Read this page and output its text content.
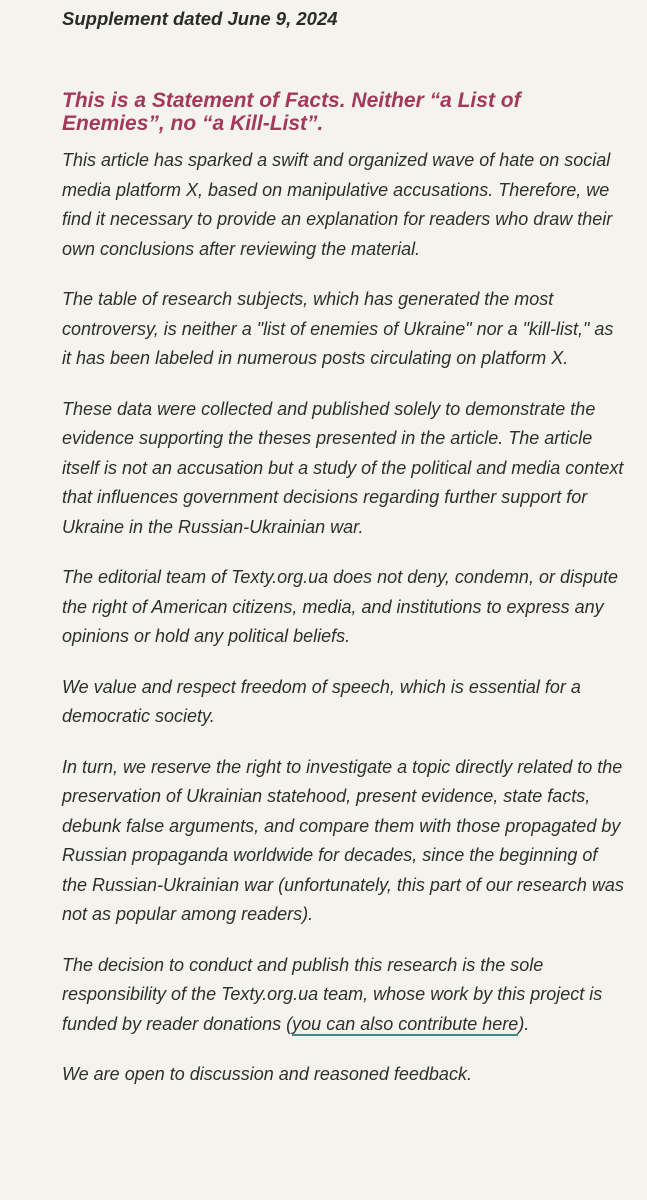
Supplement dated June 9, 2024

This is a Statement of Facts. Neither “a List of Enemies”, no “a Kill-List”.

This article has sparked a swift and organized wave of hate on social media platform X, based on manipulative accusations. Therefore, we find it necessary to provide an explanation for readers who draw their own conclusions after reviewing the material.

The table of research subjects, which has generated the most controversy, is neither a "list of enemies of Ukraine" nor a "kill-list," as it has been labeled in numerous posts circulating on platform X.

These data were collected and published solely to demonstrate the evidence supporting the theses presented in the article. The article itself is not an accusation but a study of the political and media context that influences government decisions regarding further support for Ukraine in the Russian-Ukrainian war.

The editorial team of Texty.org.ua does not deny, condemn, or dispute the right of American citizens, media, and institutions to express any opinions or hold any political beliefs.

We value and respect freedom of speech, which is essential for a democratic society.

In turn, we reserve the right to investigate a topic directly related to the preservation of Ukrainian statehood, present evidence, state facts, debunk false arguments, and compare them with those propagated by Russian propaganda worldwide for decades, since the beginning of the Russian-Ukrainian war (unfortunately, this part of our research was not as popular among readers).

The decision to conduct and publish this research is the sole responsibility of the Texty.org.ua team, whose work by this project is funded by reader donations (you can also contribute here).

We are open to discussion and reasoned feedback.
